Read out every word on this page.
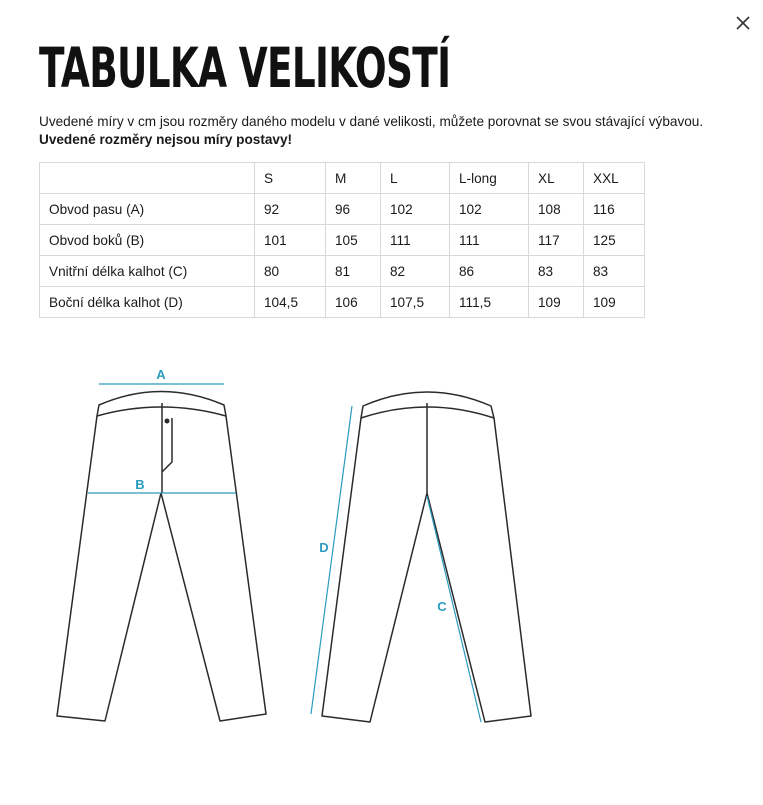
TABULKA VELIKOSTÍ
Uvedené míry v cm jsou rozměry daného modelu v dané velikosti, můžete porovnat se svou stávající výbavou.
Uvedené rozměry nejsou míry postavy!
	S	M	L	L-long	XL	XXL
Obvod pasu (A)	92	96	102	102	108	116
Obvod boků (B)	101	105	111	111	117	125
Vnitřní délka kalhot (C)	80	81	82	86	83	83
Boční délka kalhot (D)	104,5	106	107,5	111,5	109	109
A
B
D
C
